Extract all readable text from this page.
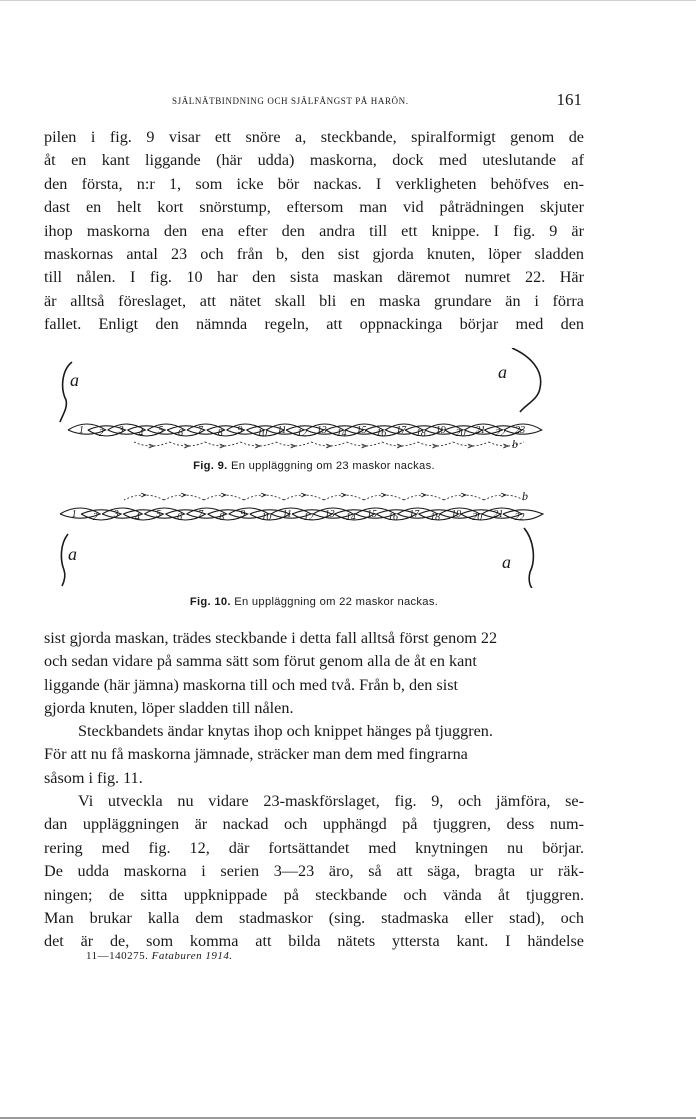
SJÄLNÄTBINDNING OCH SJÄLFÅNGST PÅ HARÖN.	161
pilen i fig. 9 visar ett snöre a, steckbande, spiralformigt genom de
åt en kant liggande (här udda) maskorna, dock med uteslutande af
den första, n:r 1, som icke bör nackas. I verkligheten behöfves en-
dast en helt kort snörstump, eftersom man vid påträdningen skjuter
ihop maskorna den ena efter den andra till ett knippe. I fig. 9 är
maskornas antal 23 och från b, den sist gjorda knuten, löper sladden
till nålen. I fig. 10 har den sista maskan däremot numret 22. Här
är alltså föreslaget, att nätet skall bli en maska grundare än i förra
fallet. Enligt den nämnda regeln, att oppnackinga börjar med den
a	a
1 2 3 4 5 6 7 8 9 10 11 12 13 14 15 16 17 18 19 20 21 22 23
b
Fig. 9. En uppläggning om 23 maskor nackas.
1 2 3 4 5 6 7 8 9 10 11 12 13 14 15 16 17 18 19 20 21 22
b
a	a
Fig. 10. En uppläggning om 22 maskor nackas.
sist gjorda maskan, trädes steckbande i detta fall alltså först genom 22
och sedan vidare på samma sätt som förut genom alla de åt en kant
liggande (här jämna) maskorna till och med två. Från b, den sist
gjorda knuten, löper sladden till nålen.
Steckbandets ändar knytas ihop och knippet hänges på tjuggren.
För att nu få maskorna jämnade, sträcker man dem med fingrarna
såsom i fig. 11.
Vi utveckla nu vidare 23-maskförslaget, fig. 9, och jämföra, se-
dan uppläggningen är nackad och upphängd på tjuggren, dess num-
rering med fig. 12, där fortsättandet med knytningen nu börjar.
De udda maskorna i serien 3—23 äro, så att säga, bragta ur räk-
ningen; de sitta uppknippade på steckbande och vända åt tjuggren.
Man brukar kalla dem stadmaskor (sing. stadmaska eller stad), och
det är de, som komma att bilda nätets yttersta kant. I händelse
11—140275. Fataburen 1914.
